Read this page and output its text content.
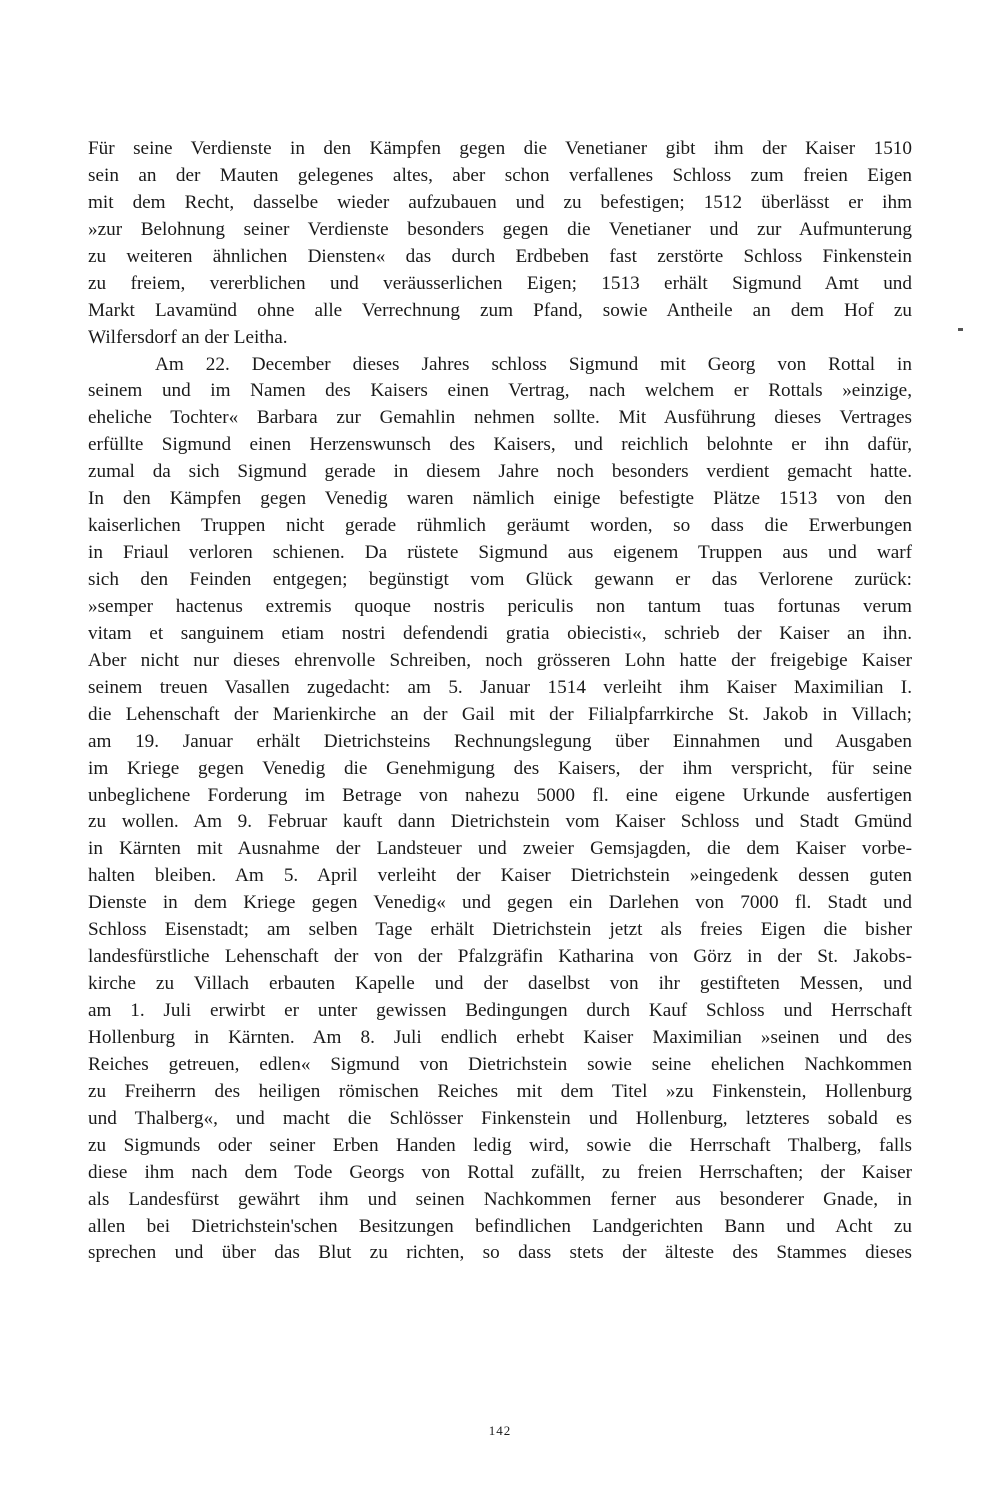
Für seine Verdienste in den Kämpfen gegen die Venetianer gibt ihm der Kaiser 1510
sein an der Mauten gelegenes altes, aber schon verfallenes Schloss zum freien Eigen
mit dem Recht, dasselbe wieder aufzubauen und zu befestigen; 1512 überlässt er ihm
»zur Belohnung seiner Verdienste besonders gegen die Venetianer und zur Aufmunterung
zu weiteren ähnlichen Diensten« das durch Erdbeben fast zerstörte Schloss Finkenstein
zu freiem, vererblichen und veräusserlichen Eigen; 1513 erhält Sigmund Amt und
Markt Lavamünd ohne alle Verrechnung zum Pfand, sowie Antheile an dem Hof zu
Wilfersdorf an der Leitha.
Am 22. December dieses Jahres schloss Sigmund mit Georg von Rottal in
seinem und im Namen des Kaisers einen Vertrag, nach welchem er Rottals »einzige,
eheliche Tochter« Barbara zur Gemahlin nehmen sollte. Mit Ausführung dieses Vertrages
erfüllte Sigmund einen Herzenswunsch des Kaisers, und reichlich belohnte er ihn dafür,
zumal da sich Sigmund gerade in diesem Jahre noch besonders verdient gemacht hatte.
In den Kämpfen gegen Venedig waren nämlich einige befestigte Plätze 1513 von den
kaiserlichen Truppen nicht gerade rühmlich geräumt worden, so dass die Erwerbungen
in Friaul verloren schienen. Da rüstete Sigmund aus eigenem Truppen aus und warf
sich den Feinden entgegen; begünstigt vom Glück gewann er das Verlorene zurück:
»semper hactenus extremis quoque nostris periculis non tantum tuas fortunas verum
vitam et sanguinem etiam nostri defendendi gratia obiecisti«, schrieb der Kaiser an ihn.
Aber nicht nur dieses ehrenvolle Schreiben, noch grösseren Lohn hatte der freigebige Kaiser
seinem treuen Vasallen zugedacht: am 5. Januar 1514 verleiht ihm Kaiser Maximilian I.
die Lehenschaft der Marienkirche an der Gail mit der Filialpfarrkirche St. Jakob in Villach;
am 19. Januar erhält Dietrichsteins Rechnungslegung über Einnahmen und Ausgaben
im Kriege gegen Venedig die Genehmigung des Kaisers, der ihm verspricht, für seine
unbeglichene Forderung im Betrage von nahezu 5000 fl. eine eigene Urkunde ausfertigen
zu wollen. Am 9. Februar kauft dann Dietrichstein vom Kaiser Schloss und Stadt Gmünd
in Kärnten mit Ausnahme der Landsteuer und zweier Gemsjagden, die dem Kaiser vorbe-
halten bleiben. Am 5. April verleiht der Kaiser Dietrichstein »eingedenk dessen guten
Dienste in dem Kriege gegen Venedig« und gegen ein Darlehen von 7000 fl. Stadt und
Schloss Eisenstadt; am selben Tage erhält Dietrichstein jetzt als freies Eigen die bisher
landesfürstliche Lehenschaft der von der Pfalzgräfin Katharina von Görz in der St. Jakobs-
kirche zu Villach erbauten Kapelle und der daselbst von ihr gestifteten Messen, und
am 1. Juli erwirbt er unter gewissen Bedingungen durch Kauf Schloss und Herrschaft
Hollenburg in Kärnten. Am 8. Juli endlich erhebt Kaiser Maximilian »seinen und des
Reiches getreuen, edlen« Sigmund von Dietrichstein sowie seine ehelichen Nachkommen
zu Freiherrn des heiligen römischen Reiches mit dem Titel »zu Finkenstein, Hollenburg
und Thalberg«, und macht die Schlösser Finkenstein und Hollenburg, letzteres sobald es
zu Sigmunds oder seiner Erben Handen ledig wird, sowie die Herrschaft Thalberg, falls
diese ihm nach dem Tode Georgs von Rottal zufällt, zu freien Herrschaften; der Kaiser
als Landesfürst gewährt ihm und seinen Nachkommen ferner aus besonderer Gnade, in
allen bei Dietrichstein'schen Besitzungen befindlichen Landgerichten Bann und Acht zu
sprechen und über das Blut zu richten, so dass stets der älteste des Stammes dieses
142
